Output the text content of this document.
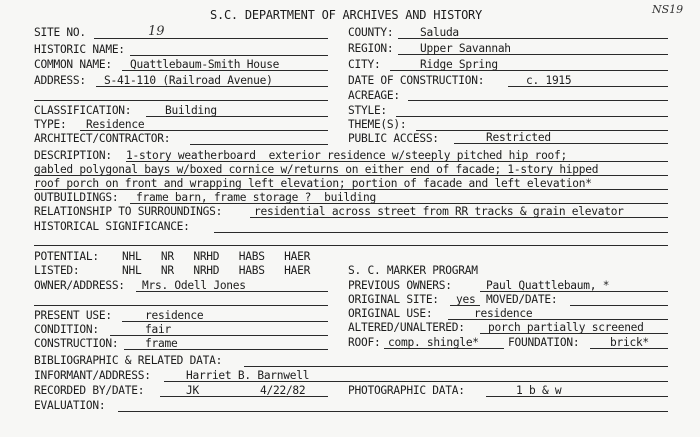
S.C. DEPARTMENT OF ARCHIVES AND HISTORY	NS19
SITE NO.	19
HISTORIC NAME:
COMMON NAME: Quattlebaum-Smith House
ADDRESS: S-41-110 (Railroad Avenue)
CLASSIFICATION:	Building
TYPE: Residence
ARCHITECT/CONTRACTOR:
COUNTY: Saluda
REGION: Upper Savannah
CITY:	Ridge Spring
DATE OF CONSTRUCTION:	c. 1915
ACREAGE:
STYLE:
THEME(S):
PUBLIC ACCESS:	Restricted
DESCRIPTION: 1-story weatherboard  exterior residence w/steeply pitched hip roof;
gabled polygonal bays w/boxed cornice w/returns on either end of facade; 1-story hipped
roof porch on front and wrapping left elevation; portion of facade and left elevation*
OUTBUILDINGS: frame barn, frame storage ?  building
RELATIONSHIP TO SURROUNDINGS:	residential across street from RR tracks & grain elevator
HISTORICAL SIGNIFICANCE:
POTENTIAL: NHL   NR   NRHD   HABS   HAER
LISTED:	NHL   NR   NRHD   HABS   HAER	S. C. MARKER PROGRAM
OWNER/ADDRESS: Mrs. Odell Jones	PREVIOUS OWNERS:	Paul Quattlebaum, *
ORIGINAL SITE: yes MOVED/DATE:
ORIGINAL USE:	residence
PRESENT USE:	residence
CONDITION:	fair
CONSTRUCTION: frame
ALTERED/UNALTERED: porch partially screened
ROOF: comp. shingle*	FOUNDATION:	brick*
BIBLIOGRAPHIC & RELATED DATA:
INFORMANT/ADDRESS:	Harriet B. Barnwell
RECORDED BY/DATE:	JK	4/22/82	PHOTOGRAPHIC DATA:	1 b & w
EVALUATION:
